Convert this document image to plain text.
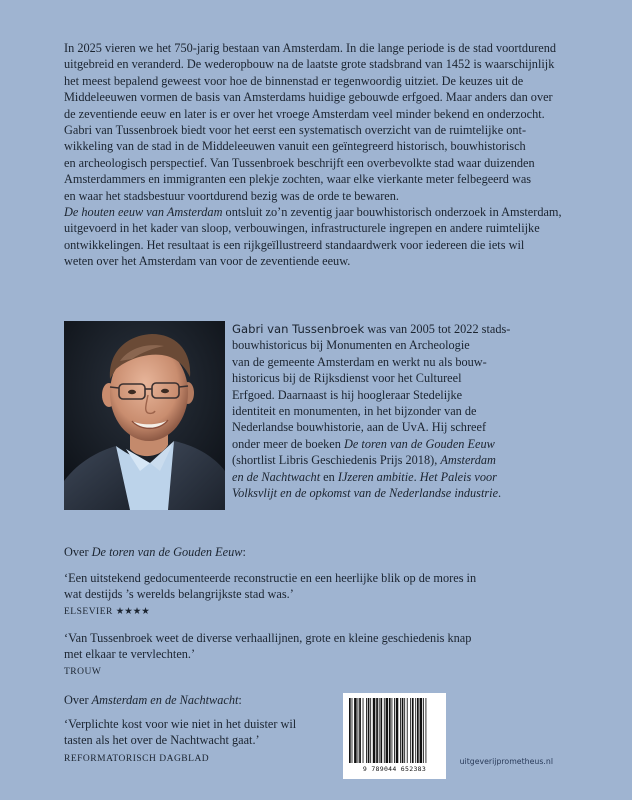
In 2025 vieren we het 750-jarig bestaan van Amsterdam. In die lange periode is de stad voortdurend
uitgebreid en veranderd. De wederopbouw na de laatste grote stadsbrand van 1452 is waarschijnlijk
het meest bepalend geweest voor hoe de binnenstad er tegenwoordig uitziet. De keuzes uit de
Middeleeuwen vormen de basis van Amsterdams huidige gebouwde erfgoed. Maar anders dan over
de zeventiende eeuw en later is er over het vroege Amsterdam veel minder bekend en onderzocht.
Gabri van Tussenbroek biedt voor het eerst een systematisch overzicht van de ruimtelijke ont-
wikkeling van de stad in de Middeleeuwen vanuit een geïntegreerd historisch, bouwhistorisch
en archeologisch perspectief. Van Tussenbroek beschrijft een overbevolkte stad waar duizenden
Amsterdammers en immigranten een plekje zochten, waar elke vierkante meter felbegeerd was
en waar het stadsbestuur voortdurend bezig was de orde te bewaren.
De houten eeuw van Amsterdam ontsluit zo’n zeventig jaar bouwhistorisch onderzoek in Amsterdam,
uitgevoerd in het kader van sloop, verbouwingen, infrastructurele ingrepen en andere ruimtelijke
ontwikkelingen. Het resultaat is een rijkgeïllustreerd standaardwerk voor iedereen die iets wil
weten over het Amsterdam van voor de zeventiende eeuw.
Gabri van Tussenbroek was van 2005 tot 2022 stads-
bouwhistoricus bij Monumenten en Archeologie
van de gemeente Amsterdam en werkt nu als bouw-
historicus bij de Rijksdienst voor het Cultureel
Erfgoed. Daarnaast is hij hoogleraar Stedelijke
identiteit en monumenten, in het bijzonder van de
Nederlandse bouwhistorie, aan de UvA. Hij schreef
onder meer de boeken De toren van de Gouden Eeuw
(shortlist Libris Geschiedenis Prijs 2018), Amsterdam
en de Nachtwacht en IJzeren ambitie. Het Paleis voor
Volksvlijt en de opkomst van de Nederlandse industrie.
Over De toren van de Gouden Eeuw:
‘Een uitstekend gedocumenteerde reconstructie en een heerlijke blik op de mores in
wat destijds ’s werelds belangrijkste stad was.’
ELSEVIER ★★★★
‘Van Tussenbroek weet de diverse verhaallijnen, grote en kleine geschiedenis knap
met elkaar te vervlechten.’
TROUW
Over Amsterdam en de Nachtwacht:
‘Verplichte kost voor wie niet in het duister wil
tasten als het over de Nachtwacht gaat.’
REFORMATORISCH DAGBLAD
9 789044 652383
uitgeverijprometheus.nl
